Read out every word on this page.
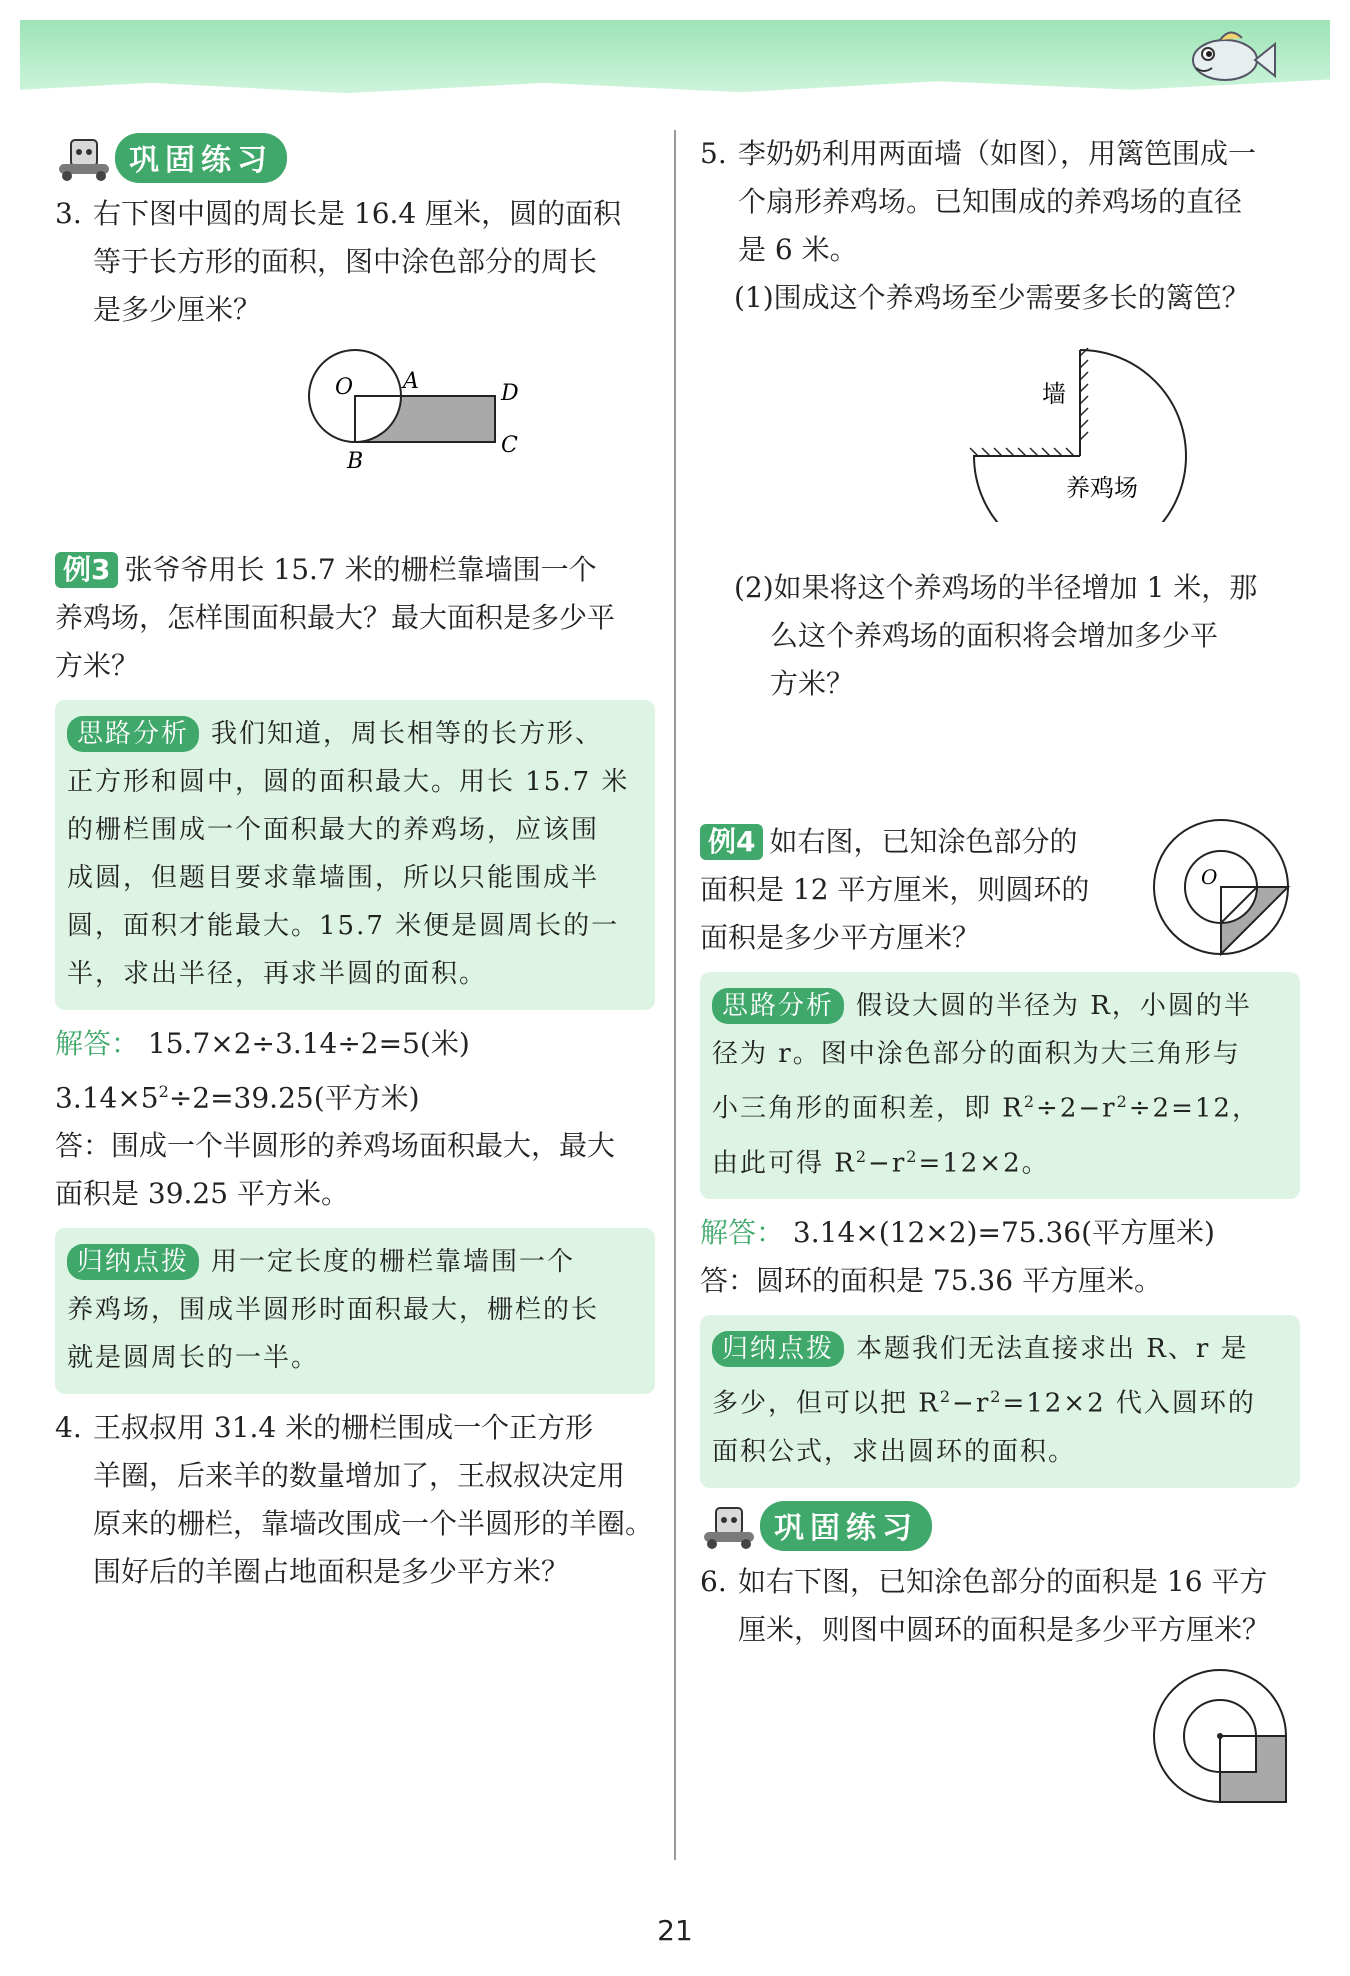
巩固练习

3. 右下图中圆的周长是 16.4 厘米，圆的面积

等于长方形的面积，图中涂色部分的周长

是多少厘米？

O A	D
C
B

例3 张爷爷用长 15.7 米的栅栏靠墙围一个

养鸡场，怎样围面积最大？最大面积是多少平

方米？

思路分析 我们知道，周长相等的长方形、

正方形和圆中，圆的面积最大。用长 15.7 米

的栅栏围成一个面积最大的养鸡场，应该围

成圆，但题目要求靠墙围，所以只能围成半

圆，面积才能最大。15.7 米便是圆周长的一

半，求出半径，再求半圆的面积。

解答： 15.7×2÷3.14÷2=5(米)

$3.14\times 5^2\div 2=39.25$(平方米)

答：围成一个半圆形的养鸡场面积最大，最大

面积是 39.25 平方米。

归纳点拨 用一定长度的栅栏靠墙围一个

养鸡场，围成半圆形时面积最大，栅栏的长

就是圆周长的一半。

4. 王叔叔用 31.4 米的栅栏围成一个正方形

羊圈，后来羊的数量增加了，王叔叔决定用

原来的栅栏，靠墙改围成一个半圆形的羊圈。

围好后的羊圈占地面积是多少平方米？

5. 李奶奶利用两面墙（如图），用篱笆围成一

个扇形养鸡场。已知围成的养鸡场的直径

是 6 米。

(1)围成这个养鸡场至少需要多长的篱笆？

墙
养鸡场

(2)如果将这个养鸡场的半径增加 1 米，那

么这个养鸡场的面积将会增加多少平

方米？

例4 如右图，已知涂色部分的

面积是 12 平方厘米，则圆环的

面积是多少平方厘米？

O

思路分析 假设大圆的半径为 R，小圆的半

径为 r。图中涂色部分的面积为大三角形与

小三角形的面积差，即 $R^2\div 2-r^2\div 2=12$，

由此可得 $R^2-r^2=12\times 2$。

解答： 3.14×(12×2)=75.36(平方厘米)

答：圆环的面积是 75.36 平方厘米。

归纳点拨 本题我们无法直接求出 R、r 是

多少，但可以把 $R^2-r^2=12\times 2$ 代入圆环的

面积公式，求出圆环的面积。

巩固练习

6. 如右下图，已知涂色部分的面积是 16 平方

厘米，则图中圆环的面积是多少平方厘米？

21
